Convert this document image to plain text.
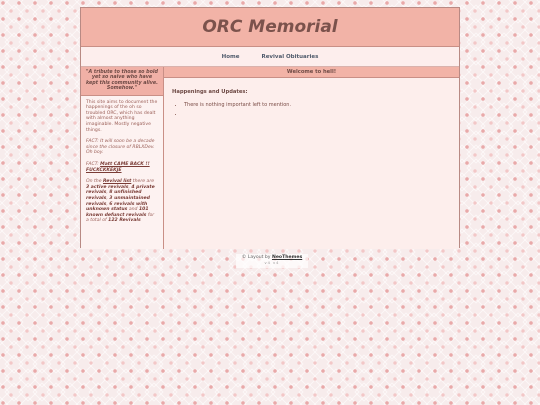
ORC Memorial
Home	Revival Obituaries
"A tribute to those so bold yet so naive who have kept this community alive. Somehow."

This site aims to document the happenings of the oh so troubled ORC, which has dealt with almost anything imaginable. Mostly negative things.

FACT: It will soon be a decade since the closure of RBLXDev. Oh boy.

FACT: Matt CAME BACK !! FUCKCKKEKJE

On the Revival list there are 3 active revivals, 4 private revivals, 8 unfinished revivals, 3 unmaintained revivals, 6 revivals with unknown status and 101 known defunct revivals for a total of 122 Revivals

Welcome to hell!
Happenings and Updates:
• There is nothing important left to mention.
•
© Layout by NeoThemes
v4 v4
